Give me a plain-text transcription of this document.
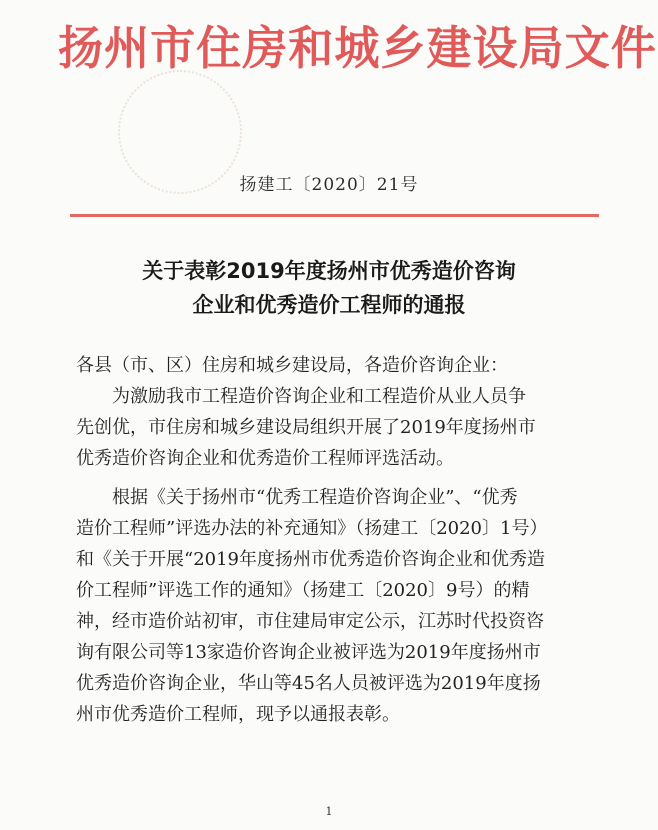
扬州市住房和城乡建设局文件
扬建工〔2020〕21号
关于表彰2019年度扬州市优秀造价咨询
企业和优秀造价工程师的通报
各县（市、区）住房和城乡建设局，各造价咨询企业：
　　为激励我市工程造价咨询企业和工程造价从业人员争
先创优，市住房和城乡建设局组织开展了2019年度扬州市
优秀造价咨询企业和优秀造价工程师评选活动。
　　根据《关于扬州市“优秀工程造价咨询企业”、“优秀
造价工程师”评选办法的补充通知》（扬建工〔2020〕1号）
和《关于开展“2019年度扬州市优秀造价咨询企业和优秀造
价工程师”评选工作的通知》（扬建工〔2020〕9号）的精
神，经市造价站初审，市住建局审定公示，江苏时代投资咨
询有限公司等13家造价咨询企业被评选为2019年度扬州市
优秀造价咨询企业，华山等45名人员被评选为2019年度扬
州市优秀造价工程师，现予以通报表彰。
1
